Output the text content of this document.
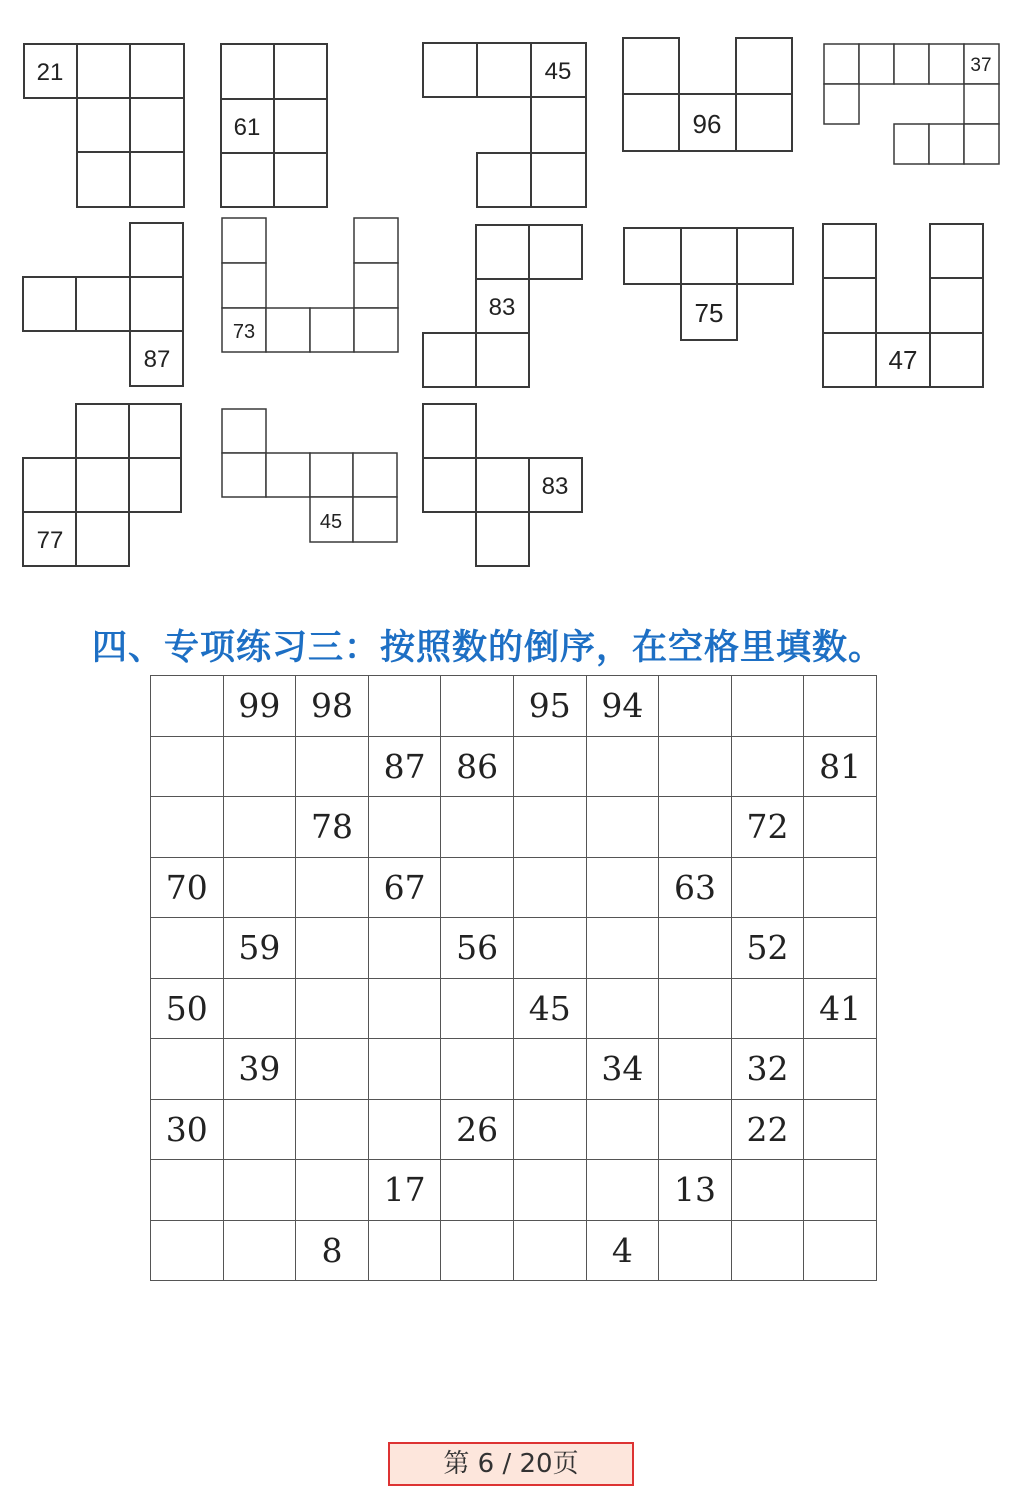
21
61
45
96
37
87
73
83	75
47
77
45
83
四、专项练习三：按照数的倒序，在空格里填数。
	99	98			95	94			
			87	86					81
		78						72	
70			67				63		
	59			56				52	
50					45				41
	39					34		32	
30				26				22	
			17				13		
		8				4			
第 6 / 20页
